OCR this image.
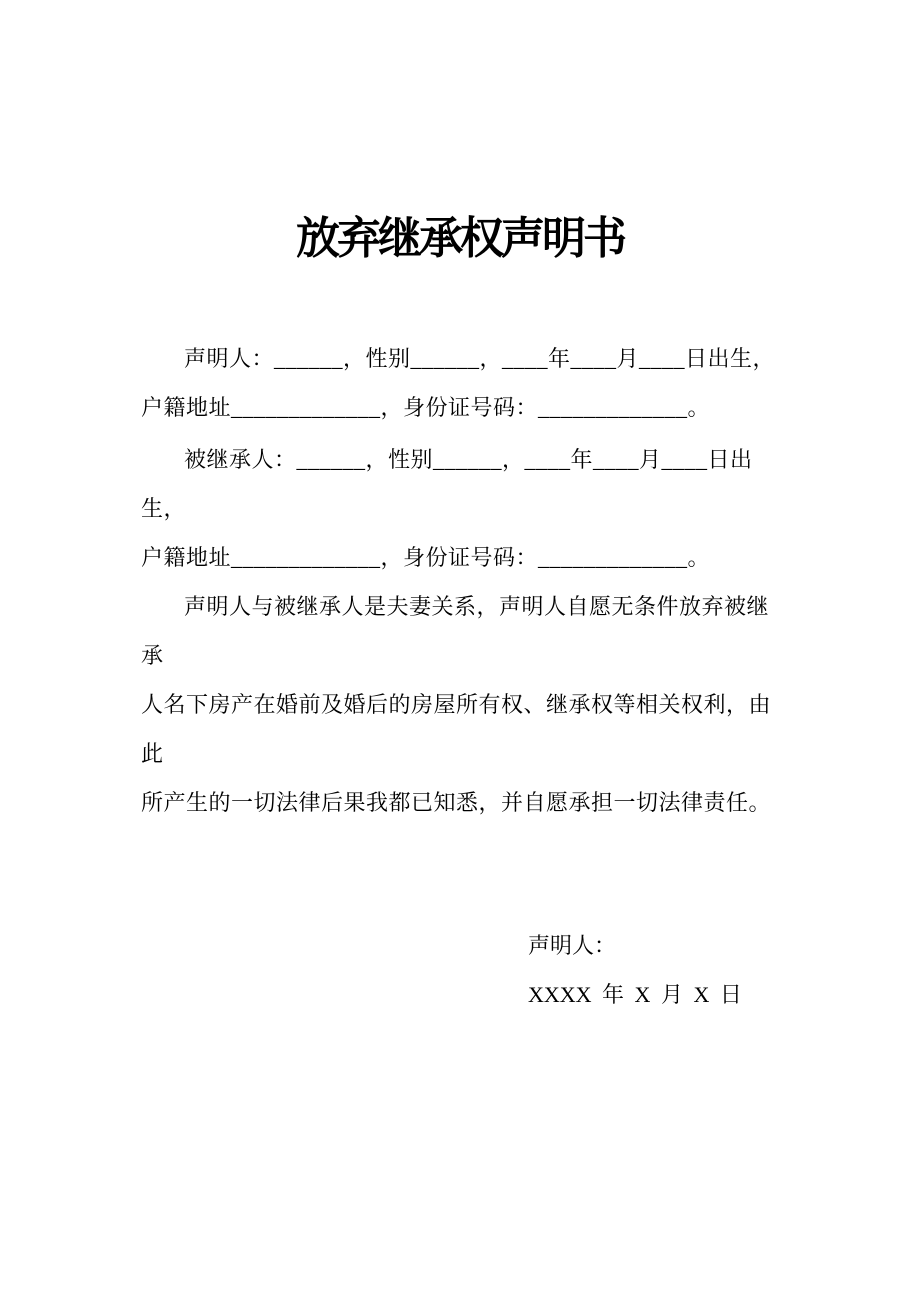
放弃继承权声明书

声明人：______，性别______，____年____月____日出生，

户籍地址_____________，身份证号码：_____________。

被继承人：______，性别______，____年____月____日出生，

户籍地址_____________，身份证号码：_____________。

声明人与被继承人是夫妻关系，声明人自愿无条件放弃被继承

人名下房产在婚前及婚后的房屋所有权、继承权等相关权利，由此

所产生的一切法律后果我都已知悉，并自愿承担一切法律责任。

声明人：

XXXX 年 X 月 X 日
